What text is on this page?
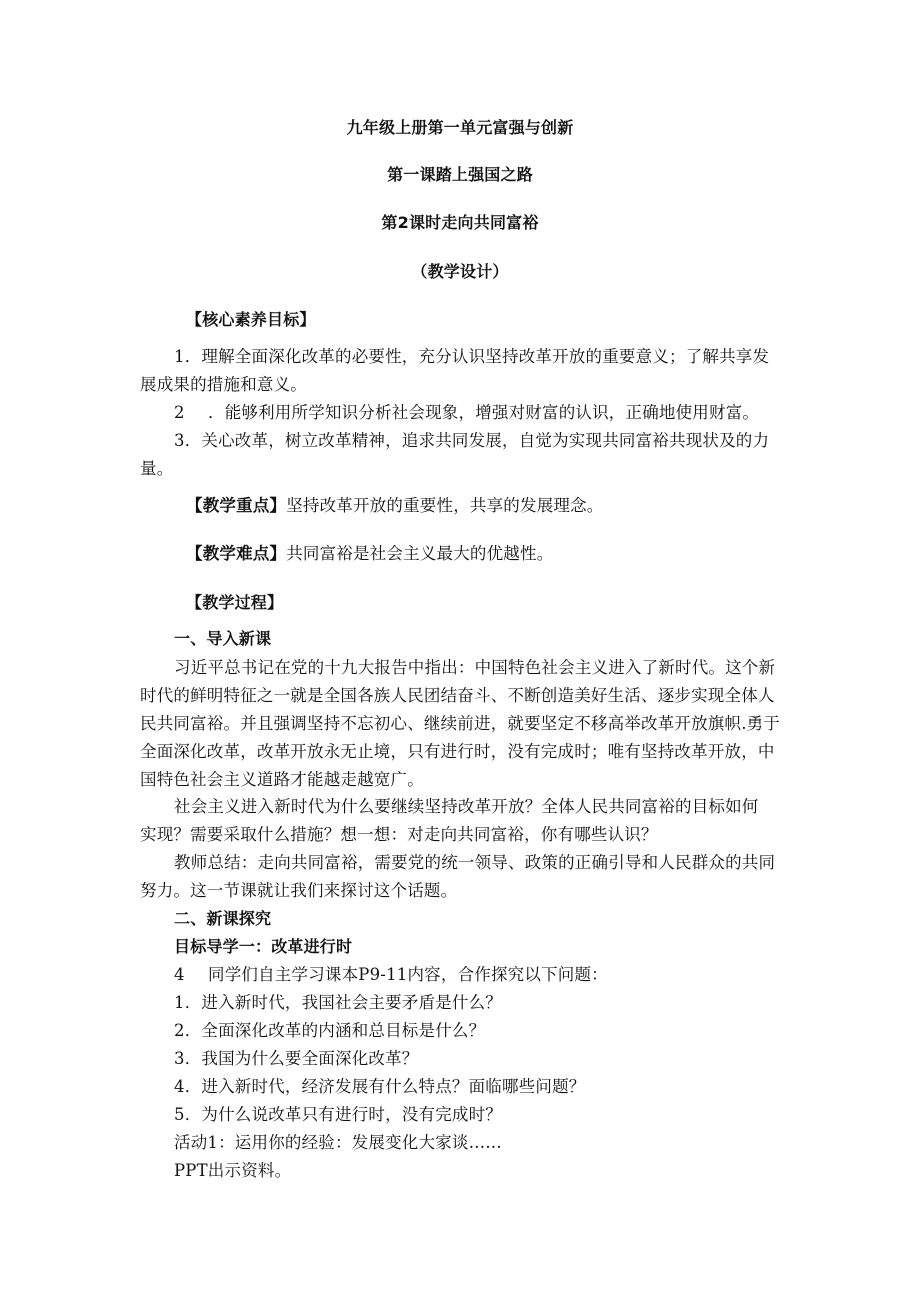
九年级上册第一单元富强与创新
第一课踏上强国之路
第2课时走向共同富裕
（教学设计）
【核心素养目标】
1．理解全面深化改革的必要性，充分认识坚持改革开放的重要意义；了解共享发
展成果的措施和意义。
2 ．能够利用所学知识分析社会现象，增强对财富的认识，正确地使用财富。
3．关心改革，树立改革精神，追求共同发展，自觉为实现共同富裕共现状及的力
量。
【教学重点】坚持改革开放的重要性，共享的发展理念。
【教学难点】共同富裕是社会主义最大的优越性。
【教学过程】
一、导入新课
习近平总书记在党的十九大报告中指出：中国特色社会主义进入了新时代。这个新
时代的鲜明特征之一就是全国各族人民团结奋斗、不断创造美好生活、逐步实现全体人
民共同富裕。并且强调坚持不忘初心、继续前进，就要坚定不移高举改革开放旗帜.勇于
全面深化改革，改革开放永无止境，只有进行时，没有完成时；唯有坚持改革开放，中
国特色社会主义道路才能越走越宽广。
社会主义进入新时代为什么要继续坚持改革开放？全体人民共同富裕的目标如何
实现？需要采取什么措施？想一想：对走向共同富裕，你有哪些认识？
教师总结：走向共同富裕，需要党的统一领导、政策的正确引导和人民群众的共同
努力。这一节课就让我们来探讨这个话题。
二、新课探究
目标导学一：改革进行时
4 同学们自主学习课本P9-11内容，合作探究以下问题：
1．进入新时代，我国社会主要矛盾是什么？
2．全面深化改革的内涵和总目标是什么？
3．我国为什么要全面深化改革？
4．进入新时代，经济发展有什么特点？面临哪些问题？
5．为什么说改革只有进行时，没有完成时？
活动1：运用你的经验：发展变化大家谈……
PPT出示资料。
